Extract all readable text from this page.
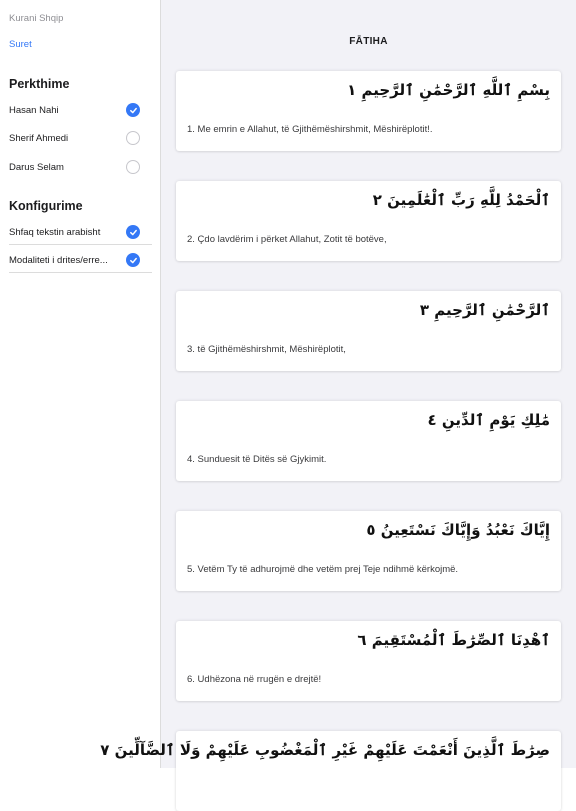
Kurani Shqip
Suret
Perkthime
Hasan Nahi
Sherif Ahmedi
Darus Selam
Konfigurime
Shfaq tekstin arabisht
Modaliteti i drites/erre...
FĀTIHA
بِسْمِ ٱللَّهِ ٱلرَّحْمَٰنِ ٱلرَّحِيمِ ١
1. Me emrin e Allahut, të Gjithëmëshirshmit, Mëshirëplotit!.
ٱلْحَمْدُ لِلَّهِ رَبِّ ٱلْعَٰلَمِينَ ٢
2. Çdo lavdërim i përket Allahut, Zotit të botëve,
ٱلرَّحْمَٰنِ ٱلرَّحِيمِ ٣
3. të Gjithëmëshirshmit, Mëshirëplotit,
مَٰلِكِ يَوْمِ ٱلدِّينِ ٤
4. Sunduesit të Ditës së Gjykimit.
إِيَّاكَ نَعْبُدُ وَإِيَّاكَ نَسْتَعِينُ ٥
5. Vetëm Ty të adhurojmë dhe vetëm prej Teje ndihmë kërkojmë.
ٱهْدِنَا ٱلصِّرَٰطَ ٱلْمُسْتَقِيمَ ٦
6. Udhëzona në rrugën e drejtë!
صِرَٰطَ ٱلَّذِينَ أَنْعَمْتَ عَلَيْهِمْ غَيْرِ ٱلْمَغْضُوبِ عَلَيْهِمْ وَلَا ٱلضَّآلِّينَ ٧
